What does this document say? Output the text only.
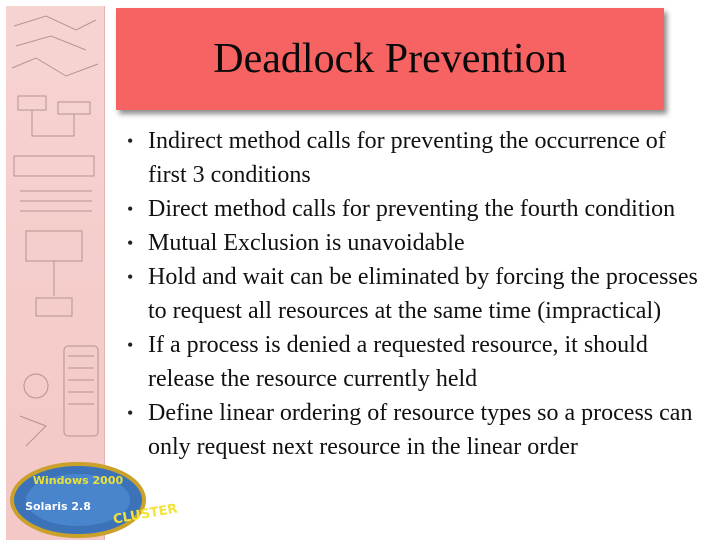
Windows 2000
Solaris 2.8 CLUSTER
Deadlock Prevention
• Indirect method calls for preventing the occurrence of first 3 conditions
• Direct method calls for preventing the fourth condition
• Mutual Exclusion is unavoidable
• Hold and wait can be eliminated by forcing the processes to request all resources at the same time (impractical)
• If a process is denied a requested resource, it should release the resource currently held
• Define linear ordering of resource types so a process can only request next resource in the linear order
